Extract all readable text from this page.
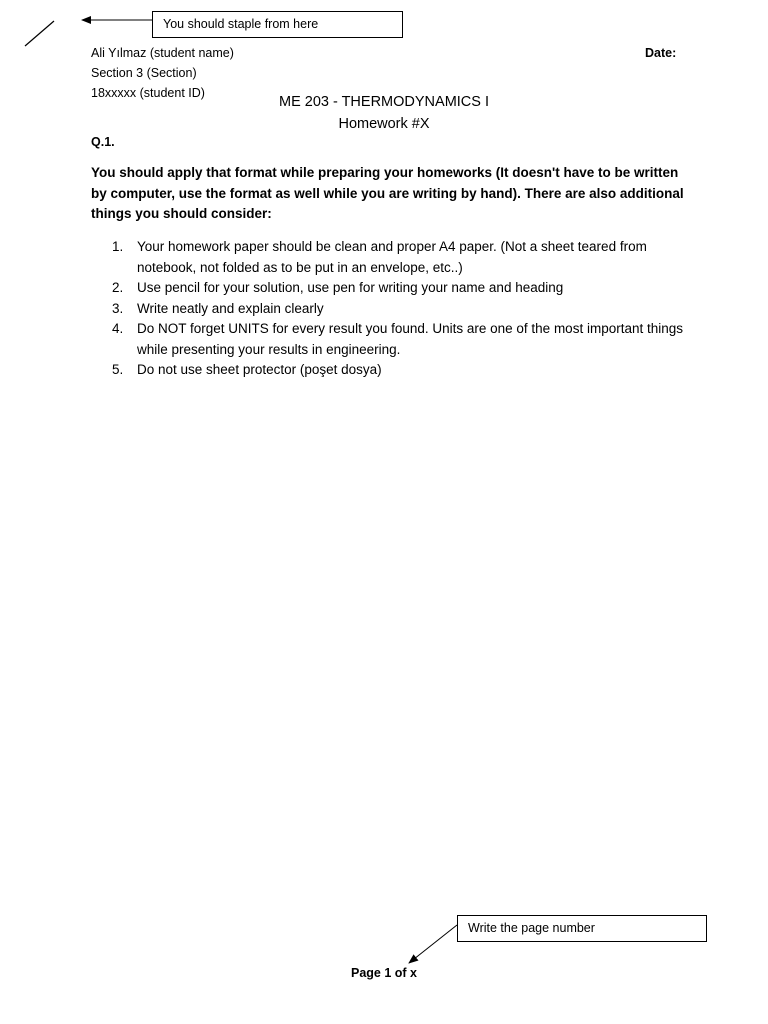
You should staple from here
Ali Yılmaz (student name)
Section 3 (Section)
18xxxxx (student ID)
Date:
ME 203 - THERMODYNAMICS I
Homework #X
Q.1.

You should apply that format while preparing your homeworks (It doesn't have to be written by computer, use the format as well while you are writing by hand). There are also additional things you should consider:

1.	Your homework paper should be clean and proper A4 paper. (Not a sheet teared from notebook, not folded as to be put in an envelope, etc..)
2.	Use pencil for your solution, use pen for writing your name and heading
3.	Write neatly and explain clearly
4.	Do NOT forget UNITS for every result you found. Units are one of the most important things while presenting your results in engineering.
5.	Do not use sheet protector (poşet dosya)
Write the page number
Page 1 of x
